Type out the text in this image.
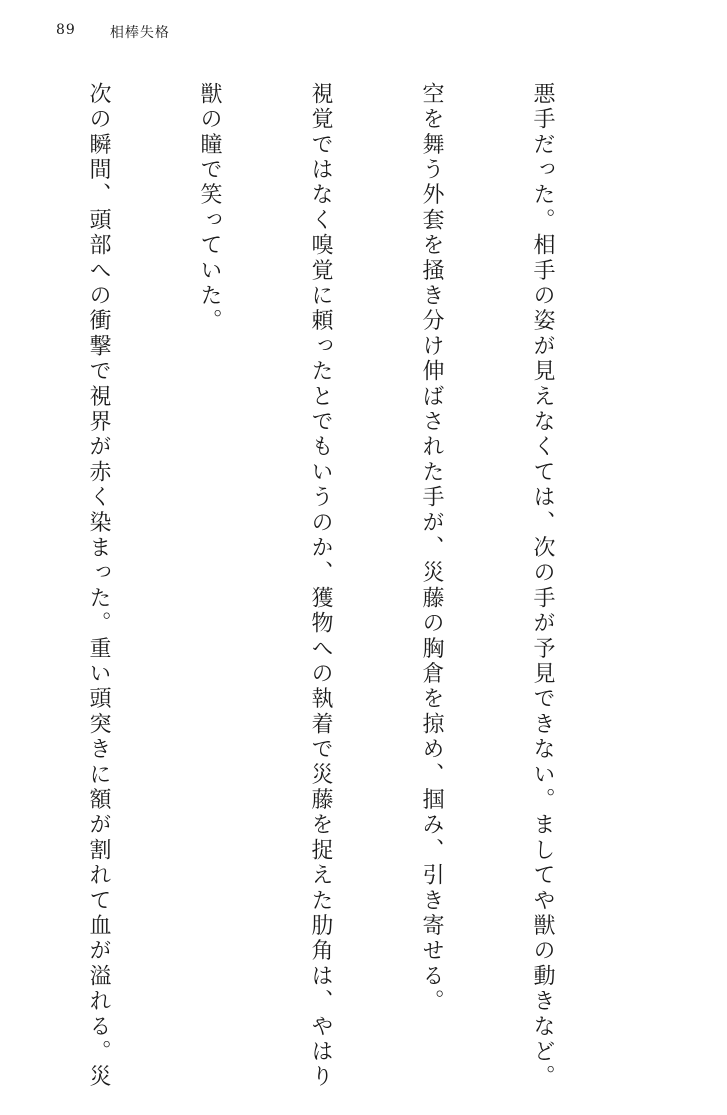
89 相棒失格

悪手だった。相手の姿が見えなくては、次の手が予見できない。ましてや獣の動きなど。

空を舞う外套を掻き分け伸ばされた手が、災藤の胸倉を掠め、掴み、引き寄せる。

視覚ではなく嗅覚に頼ったとでもいうのか、獲物への執着で災藤を捉えた肋角は、やはり

獣の瞳で笑っていた。

次の瞬間、頭部への衝撃で視界が赤く染まった。重い頭突きに額が割れて血が溢れる。災
